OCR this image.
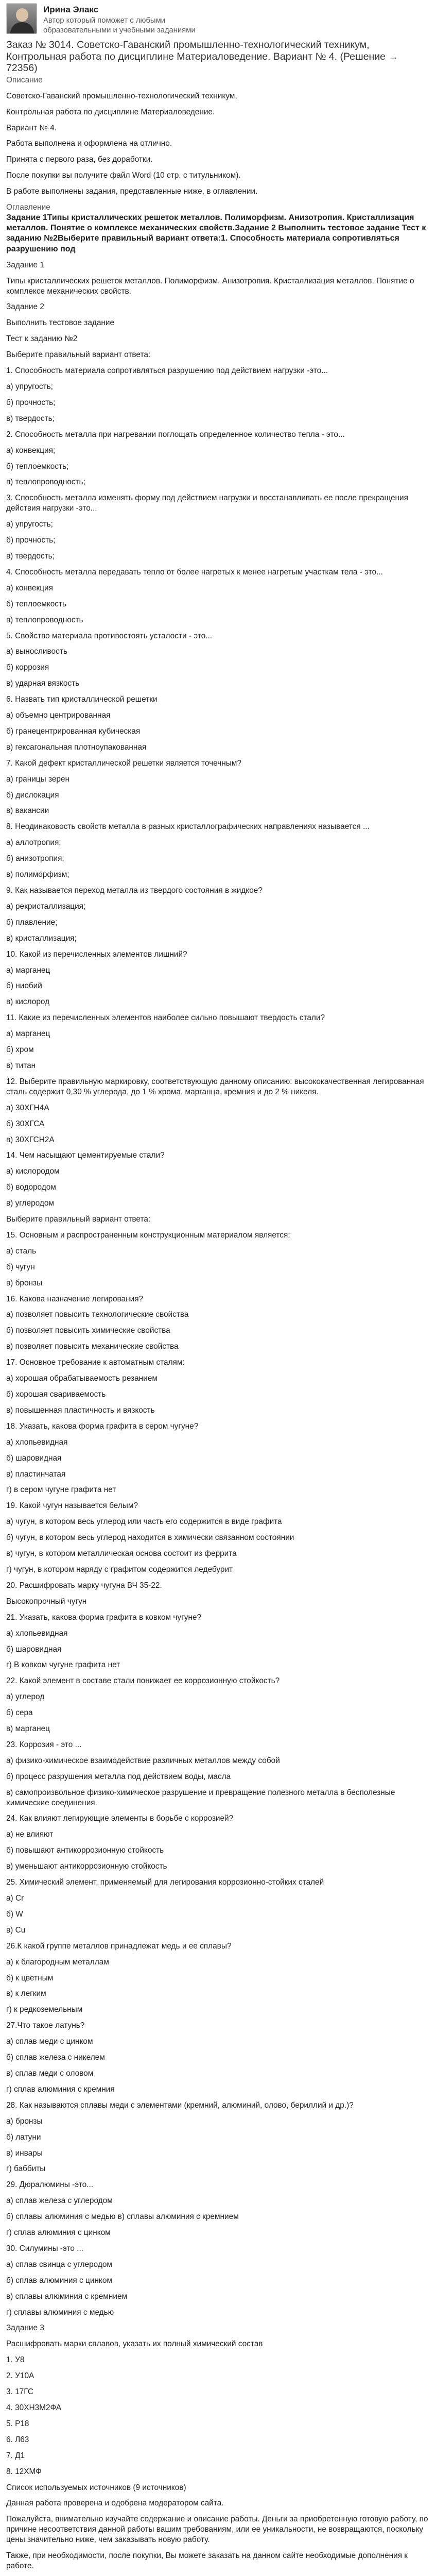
Ирина Элакс
Автор который поможет с любыми образовательными и учебными заданиями
Заказ № 3014. Советско-Гаванский промышленно-технологический техникум, Контрольная работа по дисциплине Материаловедение. Вариант № 4. (Решение → 72356)
Описание
Советско-Гаванский промышленно-технологический техникум,
Контрольная работа по дисциплине Материаловедение.
Вариант № 4.
Работа выполнена и оформлена на отлично.
Принята с первого раза, без доработки.
После покупки вы получите файл Word (10 стр. с титульником).
В работе выполнены задания, представленные ниже, в оглавлении.
Оглавление
Задание 1Типы кристаллических решеток металлов. Полиморфизм. Анизотропия. Кристаллизация металлов. Понятие о комплексе механических свойств.Задание 2 Выполнить тестовое задание Тест к заданию №2Выберите правильный вариант ответа:1. Способность материала сопротивляться разрушению под
Задание 1
Типы кристаллических решеток металлов. Полиморфизм. Анизотропия. Кристаллизация металлов. Понятие о комплексе механических свойств.
Задание 2
Выполнить тестовое задание
Тест к заданию №2
Выберите правильный вариант ответа:
1. Способность материала сопротивляться разрушению под действием нагрузки -это...
а) упругость;
б) прочность;
в) твердость;
2. Способность металла при нагревании поглощать определенное количество тепла - это...
а) конвекция;
б) теплоемкость;
в) теплопроводность;
3. Способность металла изменять форму под действием нагрузки и восстанавливать ее после прекращения действия нагрузки -это...
а) упругость;
б) прочность;
в) твердость;
4. Способность металла передавать тепло от более нагретых к менее нагретым участкам тела - это...
а) конвекция
б) теплоемкость
в) теплопроводность
5. Свойство материала противостоять усталости - это...
а) выносливость
б) коррозия
в) ударная вязкость
6. Назвать тип кристаллической решетки
а) объемно центрированная
б) гранецентрированная кубическая
в) гексагональная плотноупакованная
7. Какой дефект кристаллической решетки является точечным?
а) границы зерен
б) дислокация
в) вакансии
8. Неодинаковость свойств металла в разных кристаллографических направлениях называется ...
а) аллотропия;
б) анизотропия;
в) полиморфизм;
9. Как называется переход металла из твердого состояния в жидкое?
а) рекристаллизация;
б) плавление;
в) кристаллизация;
10. Какой из перечисленных элементов лишний?
а) марганец
б) ниобий
в) кислород
11. Какие из перечисленных элементов наиболее сильно повышают твердость стали?
а) марганец
б) хром
в) титан
12. Выберите правильную маркировку, соответствующую данному описанию: высококачественная легированная сталь содержит 0,30 % углерода, до 1 % хрома, марганца, кремния и до 2 % никеля.
а) 30ХГН4А
б) 30ХГСА
в) 30ХГСН2А
14. Чем насыщают цементируемые стали?
а) кислородом
б) водородом
в) углеродом
Выберите правильный вариант ответа:
15. Основным и распространенным конструкционным материалом является:
а) сталь
б) чугун
в) бронзы
16. Какова назначение легирования?
а) позволяет повысить технологические свойства
б) позволяет повысить химические свойства
в) позволяет повысить механические свойства
17. Основное требование к автоматным сталям:
а) хорошая обрабатываемость резанием
б) хорошая свариваемость
в) повышенная пластичность и вязкость
18. Указать, какова форма графита в сером чугуне?
а) хлопьевидная
б) шаровидная
в) пластинчатая
г) в сером чугуне графита нет
19. Какой чугун называется белым?
а) чугун, в котором весь углерод или часть его содержится в виде графита
б) чугун, в котором весь углерод находится в химически связанном состоянии
в) чугун, в котором металлическая основа состоит из феррита
г) чугун, в котором наряду с графитом содержится ледебурит
20. Расшифровать марку чугуна ВЧ 35-22.
Высокопрочный чугун
21. Указать, какова форма графита в ковком чугуне?
а) хлопьевидная
б) шаровидная
г) В ковком чугуне графита нет
22. Какой элемент в составе стали понижает ее коррозионную стойкость?
а) углерод
б) сера
в) марганец
23. Коррозия - это ...
а) физико-химическое взаимодействие различных металлов между собой
б) процесс разрушения металла под действием воды, масла
в) самопроизвольное физико-химическое разрушение и превращение полезного металла в бесполезные химические соединения.
24. Как влияют легирующие элементы в борьбе с коррозией?
а) не влияют
б) повышают антикоррозионную стойкость
в) уменьшают антикоррозионную стойкость
25. Химический элемент, применяемый для легирования коррозионно-стойких сталей
а) Cr
б) W
в) Cu
26.К какой группе металлов принадлежат медь и ее сплавы?
а) к благородным металлам
б) к цветным
в) к легким
г) к редкоземельным
27.Что такое латунь?
а) сплав меди с цинком
б) сплав железа с никелем
в) сплав меди с оловом
г) сплав алюминия с кремния
28. Как называются сплавы меди с элементами (кремний, алюминий, олово, бериллий и др.)?
а) бронзы
б) латуни
в) инвары
г) баббиты
29. Дюралюмины -это...
а) сплав железа с углеродом
б) сплавы алюминия с медью в) сплавы алюминия с кремнием
г) сплав алюминия с цинком
30. Силумины -это ...
а) сплав свинца с углеродом
б) сплав алюминия с цинком
в) сплавы алюминия с кремнием
г) сплавы алюминия с медью
Задание 3
Расшифровать марки сплавов, указать их полный химический состав
1. У8
2. У10А
3. 17ГС
4. 30ХН3М2ФА
5. Р18
6. Л63
7. Д1
8. 12ХМФ
Список используемых источников (9 источников)
Данная работа проверена и одобрена модератором сайта.
Пожалуйста, внимательно изучайте содержание и описание работы. Деньги за приобретенную готовую работу, по причине несоответствия данной работы вашим требованиям, или ее уникальности, не возвращаются, поскольку цены значительно ниже, чем заказывать новую работу.
Также, при необходимости, после покупки, Вы можете заказать на данном сайте необходимые дополнения к работе.
